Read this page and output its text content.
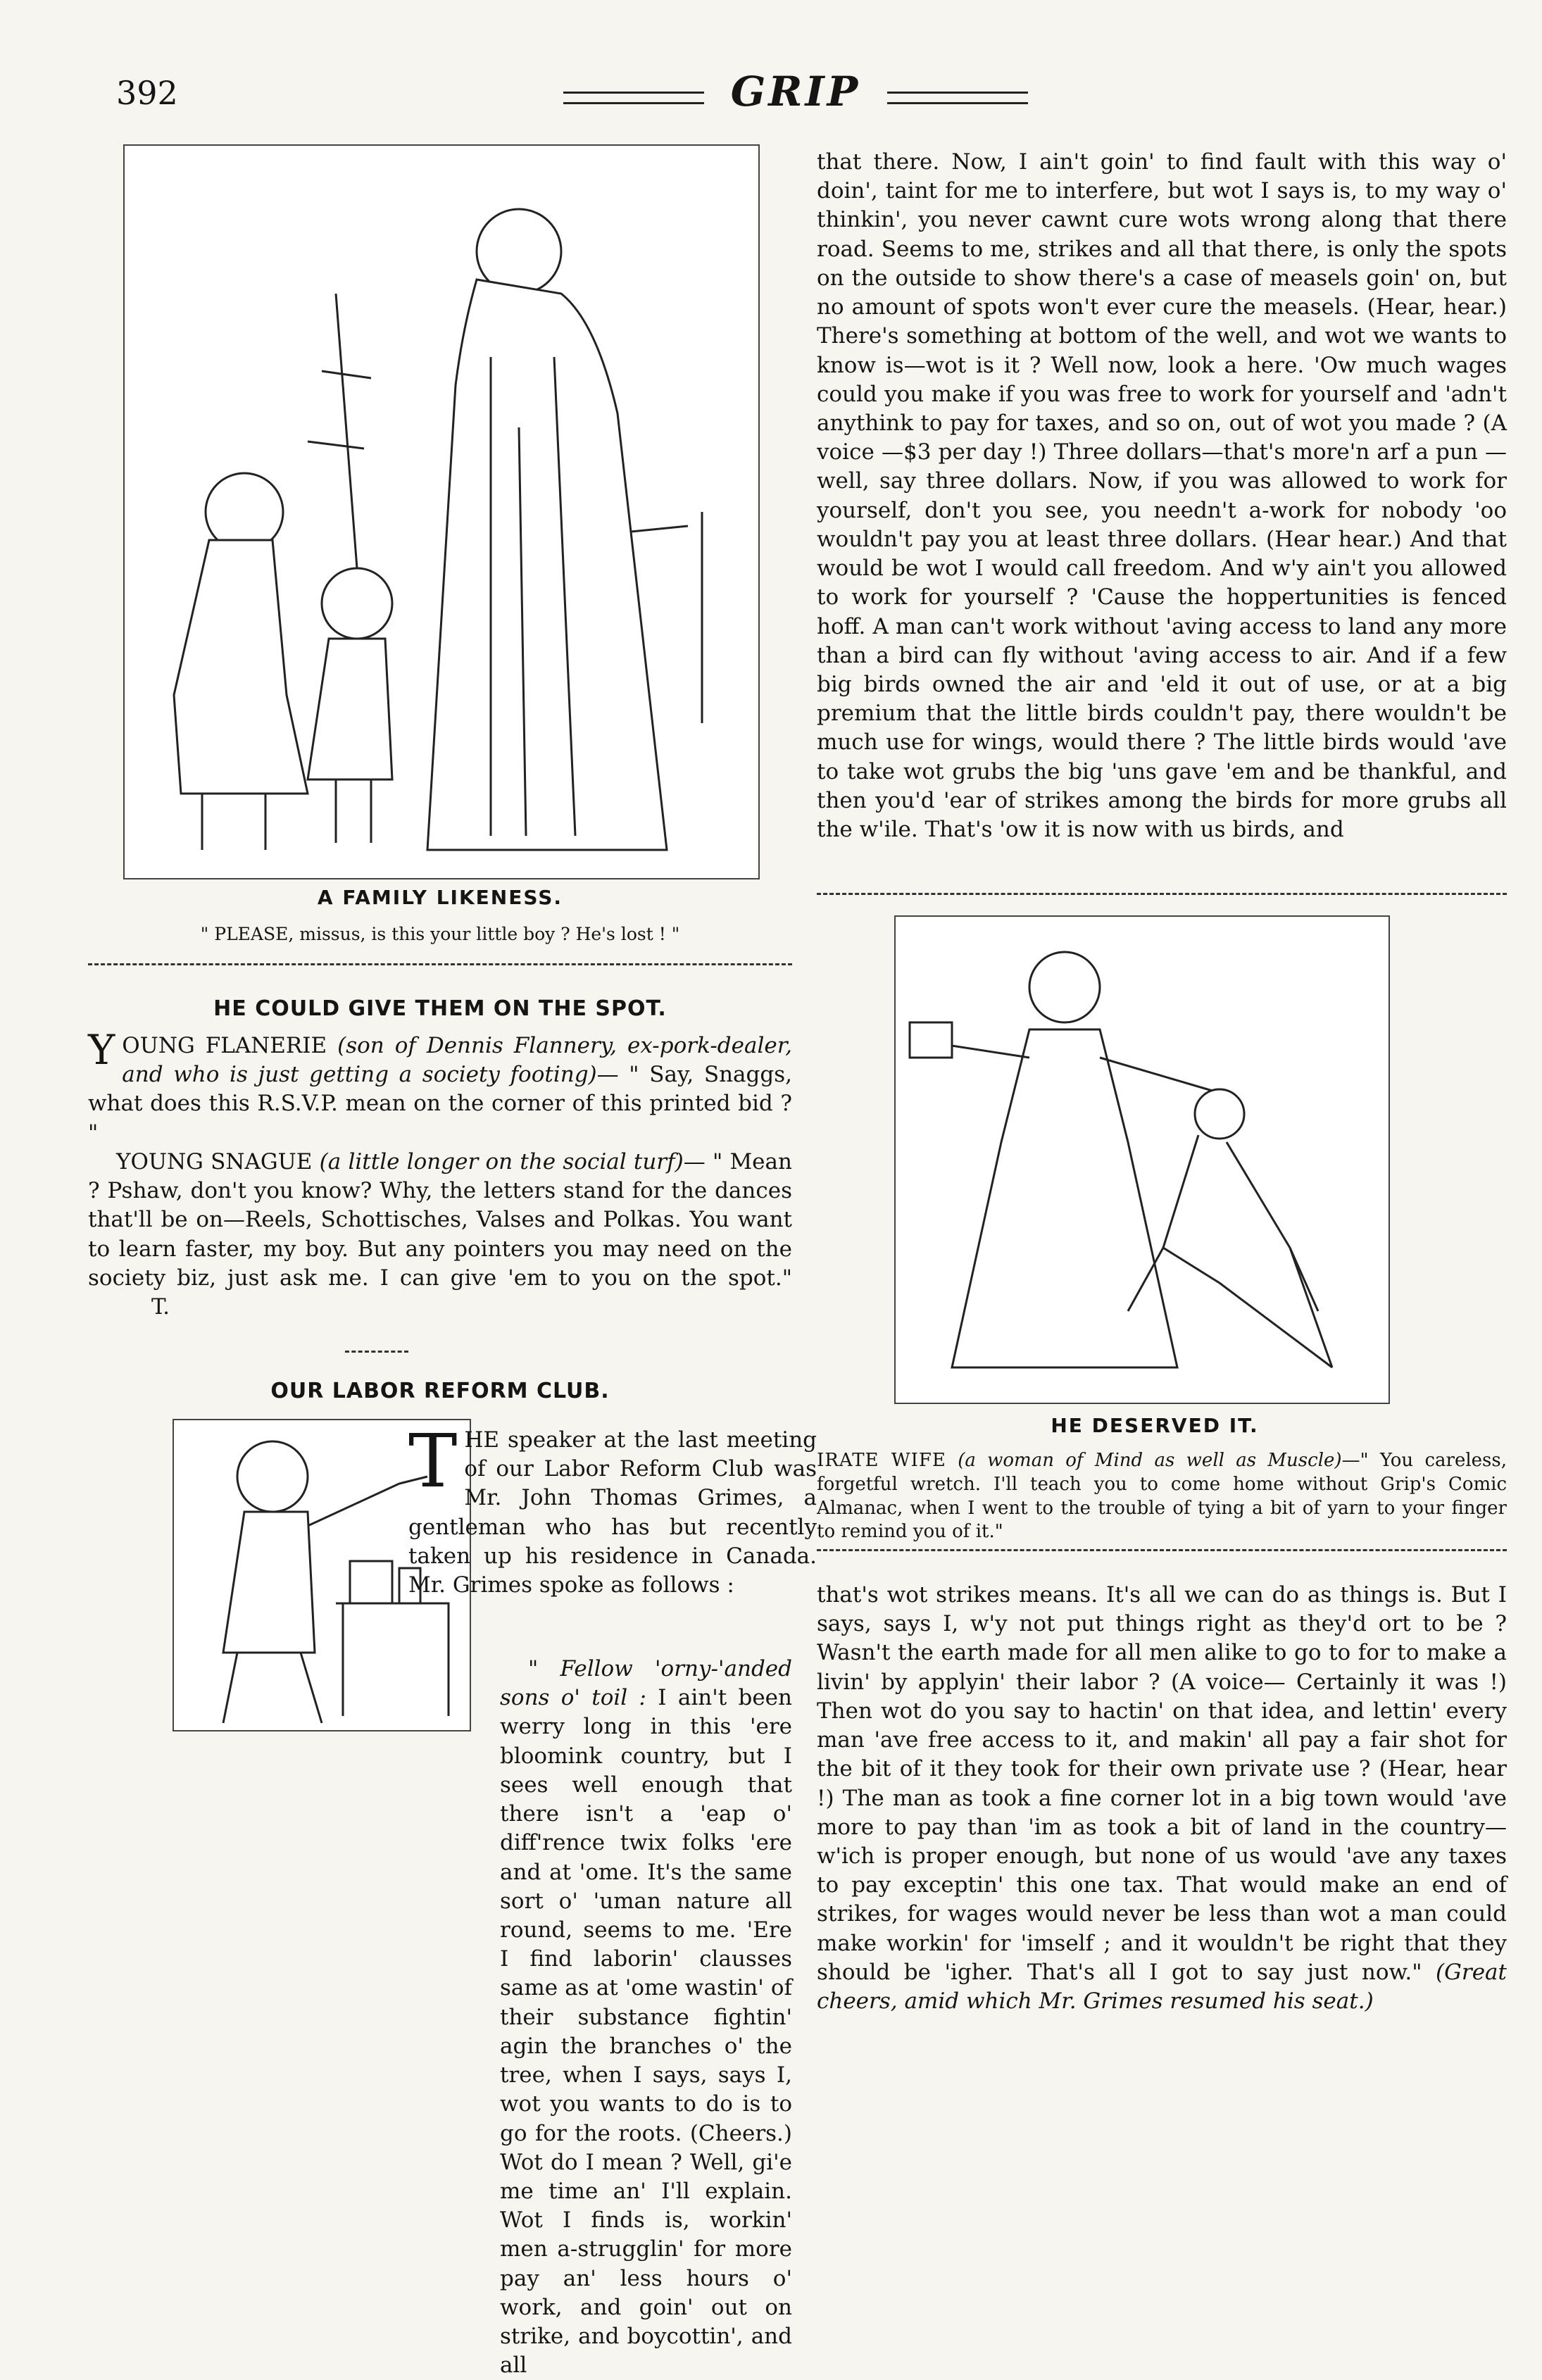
392	GRIP
A FAMILY LIKENESS.
" PLEASE, missus, is this your little boy ? He's lost ! "
HE COULD GIVE THEM ON THE SPOT.

YOUNG FLANERIE (son of Dennis Flannery, ex-pork-dealer, and who is just getting a society footing)— " Say, Snaggs, what does this R.S.V.P. mean on the corner of this printed bid ? "

YOUNG SNAGUE (a little longer on the social turf)— " Mean ? Pshaw, don't you know? Why, the letters stand for the dances that'll be on—Reels, Schottisches, Valses and Polkas. You want to learn faster, my boy. But any pointers you may need on the society biz, just ask me. I can give 'em to you on the spot." T.

OUR LABOR REFORM CLUB.
THE speaker at the last meeting of our Labor Reform Club was Mr. John Thomas Grimes, a gentleman who has but recently taken up his residence in Canada. Mr. Grimes spoke as follows :

" Fellow 'orny-'anded sons o' toil : I ain't been werry long in this 'ere bloomink country, but I sees well enough that there isn't a 'eap o' diff'rence twix folks 'ere and at 'ome. It's the same sort o' 'uman nature all round, seems to me. 'Ere I find laborin' clausses same as at 'ome wastin' of their substance fightin' agin the branches o' the tree, when I says, says I, wot you wants to do is to go for the roots. (Cheers.) Wot do I mean ? Well, gi'e me time an' I'll explain. Wot I finds is, workin' men a-strugglin' for more pay an' less hours o' work, and goin' out on strike, and boycottin', and all

that there. Now, I ain't goin' to find fault with this way o' doin', taint for me to interfere, but wot I says is, to my way o' thinkin', you never cawnt cure wots wrong along that there road. Seems to me, strikes and all that there, is only the spots on the outside to show there's a case of measels goin' on, but no amount of spots won't ever cure the measels. (Hear, hear.) There's something at bottom of the well, and wot we wants to know is—wot is it ? Well now, look a here. 'Ow much wages could you make if you was free to work for yourself and 'adn't anythink to pay for taxes, and so on, out of wot you made ? (A voice —$3 per day !) Three dollars—that's more'n arf a pun —well, say three dollars. Now, if you was allowed to work for yourself, don't you see, you needn't a-work for nobody 'oo wouldn't pay you at least three dollars. (Hear hear.) And that would be wot I would call freedom. And w'y ain't you allowed to work for yourself ? 'Cause the hoppertunities is fenced hoff. A man can't work without 'aving access to land any more than a bird can fly without 'aving access to air. And if a few big birds owned the air and 'eld it out of use, or at a big premium that the little birds couldn't pay, there wouldn't be much use for wings, would there ? The little birds would 'ave to take wot grubs the big 'uns gave 'em and be thankful, and then you'd 'ear of strikes among the birds for more grubs all the w'ile. That's 'ow it is now with us birds, and
HE DESERVED IT.

IRATE WIFE (a woman of Mind as well as Muscle)—" You careless, forgetful wretch. I'll teach you to come home without Grip's Comic Almanac, when I went to the trouble of tying a bit of yarn to your finger to remind you of it."

that's wot strikes means. It's all we can do as things is. But I says, says I, w'y not put things right as they'd ort to be ? Wasn't the earth made for all men alike to go to for to make a livin' by applyin' their labor ? (A voice— Certainly it was !) Then wot do you say to hactin' on that idea, and lettin' every man 'ave free access to it, and makin' all pay a fair shot for the bit of it they took for their own private use ? (Hear, hear !) The man as took a fine corner lot in a big town would 'ave more to pay than 'im as took a bit of land in the country—w'ich is proper enough, but none of us would 'ave any taxes to pay exceptin' this one tax. That would make an end of strikes, for wages would never be less than wot a man could make workin' for 'imself ; and it wouldn't be right that they should be 'igher. That's all I got to say just now." (Great cheers, amid which Mr. Grimes resumed his seat.)
